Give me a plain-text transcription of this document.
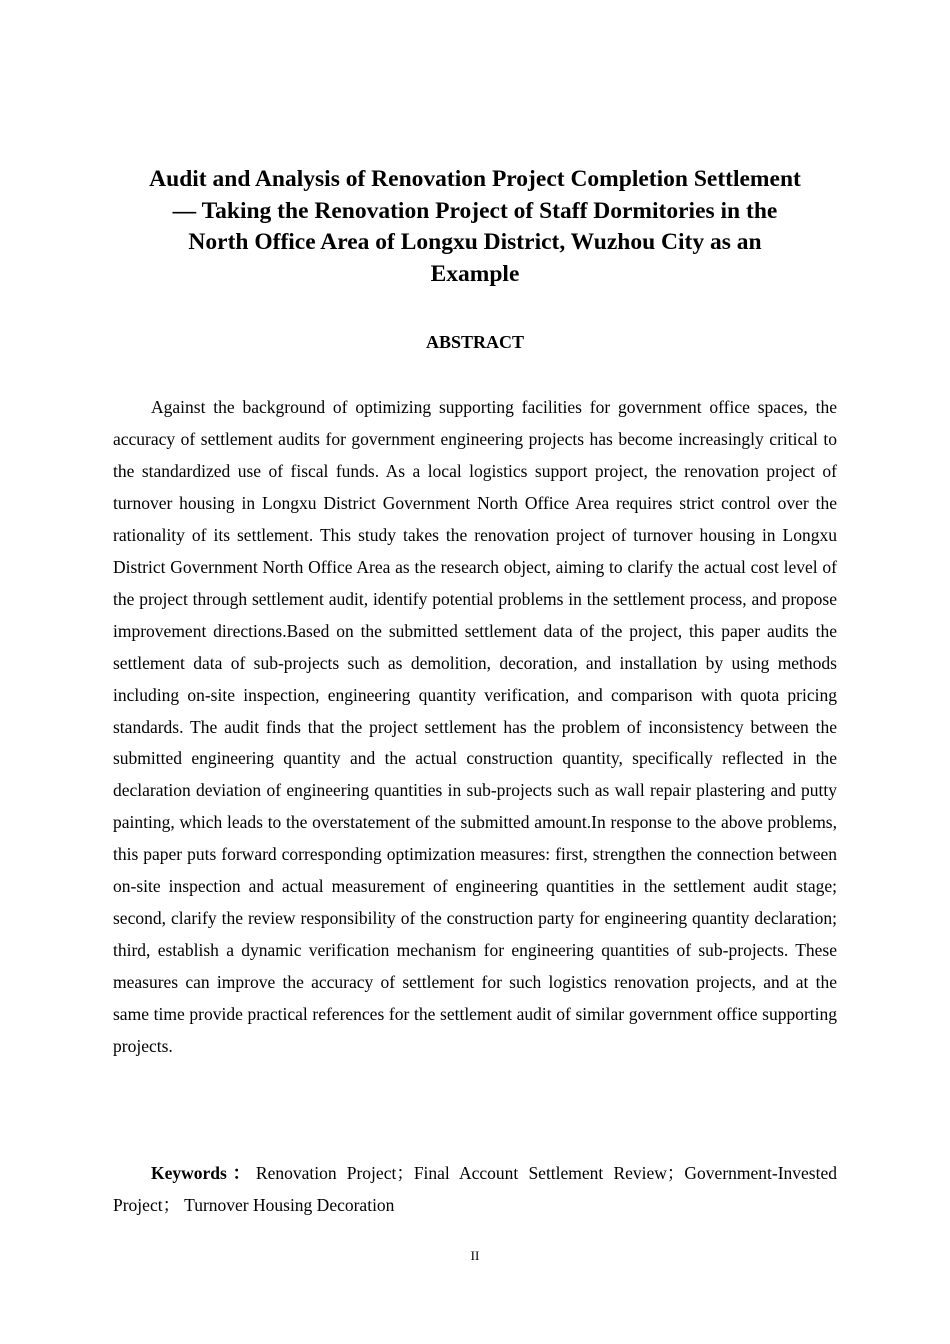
Audit and Analysis of Renovation Project Completion Settlement
— Taking the Renovation Project of Staff Dormitories in the
North Office Area of Longxu District, Wuzhou City as an
Example
ABSTRACT

Against the background of optimizing supporting facilities for government office spaces, the accuracy of settlement audits for government engineering projects has become increasingly critical to the standardized use of fiscal funds. As a local logistics support project, the renovation project of turnover housing in Longxu District Government North Office Area requires strict control over the rationality of its settlement. This study takes the renovation project of turnover housing in Longxu District Government North Office Area as the research object, aiming to clarify the actual cost level of the project through settlement audit, identify potential problems in the settlement process, and propose improvement directions.Based on the submitted settlement data of the project, this paper audits the settlement data of sub-projects such as demolition, decoration, and installation by using methods including on-site inspection, engineering quantity verification, and comparison with quota pricing standards. The audit finds that the project settlement has the problem of inconsistency between the submitted engineering quantity and the actual construction quantity, specifically reflected in the declaration deviation of engineering quantities in sub-projects such as wall repair plastering and putty painting, which leads to the overstatement of the submitted amount.In response to the above problems, this paper puts forward corresponding optimization measures: first, strengthen the connection between on-site inspection and actual measurement of engineering quantities in the settlement audit stage; second, clarify the review responsibility of the construction party for engineering quantity declaration; third, establish a dynamic verification mechanism for engineering quantities of sub-projects. These measures can improve the accuracy of settlement for such logistics renovation projects, and at the same time provide practical references for the settlement audit of similar government office supporting projects.

Keywords：Renovation Project；Final Account Settlement Review；Government-Invested Project； Turnover Housing Decoration

II
